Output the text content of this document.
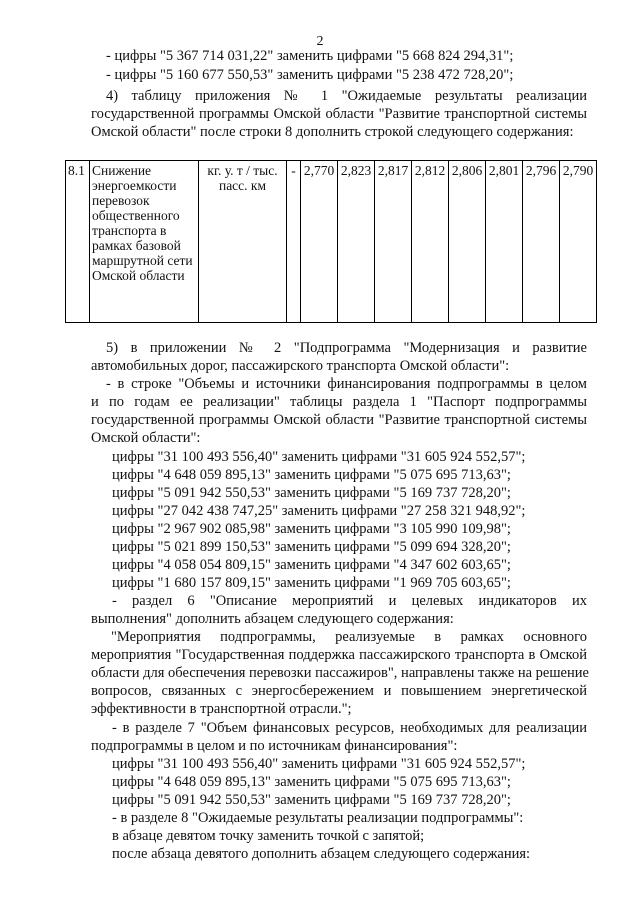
2
- цифры "5 367 714 031,22" заменить цифрами "5 668 824 294,31";
- цифры "5 160 677 550,53" заменить цифрами "5 238 472 728,20";
4) таблицу приложения № 1 "Ожидаемые результаты реализации
государственной программы Омской области "Развитие транспортной системы
Омской области" после строки 8 дополнить строкой следующего содержания:
8.1	Снижение энергоемкости перевозок общественного транспорта в рамках базовой маршрутной сети Омской области	кг. у. т / тыс. пасс. км	-	2,770	2,823	2,817	2,812	2,806	2,801	2,796	2,790
5) в приложении № 2 "Подпрограмма "Модернизация и развитие
автомобильных дорог, пассажирского транспорта Омской области":
- в строке "Объемы и источники финансирования подпрограммы в целом
и по годам ее реализации" таблицы раздела 1 "Паспорт подпрограммы
государственной программы Омской области "Развитие транспортной системы
Омской области":
цифры "31 100 493 556,40" заменить цифрами "31 605 924 552,57";
цифры "4 648 059 895,13" заменить цифрами "5 075 695 713,63";
цифры "5 091 942 550,53" заменить цифрами "5 169 737 728,20";
цифры "27 042 438 747,25" заменить цифрами "27 258 321 948,92";
цифры "2 967 902 085,98" заменить цифрами "3 105 990 109,98";
цифры "5 021 899 150,53" заменить цифрами "5 099 694 328,20";
цифры "4 058 054 809,15" заменить цифрами "4 347 602 603,65";
цифры "1 680 157 809,15" заменить цифрами "1 969 705 603,65";
- раздел 6 "Описание мероприятий и целевых индикаторов их
выполнения" дополнить абзацем следующего содержания:
"Мероприятия подпрограммы, реализуемые в рамках основного
мероприятия "Государственная поддержка пассажирского транспорта в Омской
области для обеспечения перевозки пассажиров", направлены также на решение
вопросов, связанных с энергосбережением и повышением энергетической
эффективности в транспортной отрасли.";
- в разделе 7 "Объем финансовых ресурсов, необходимых для реализации
подпрограммы в целом и по источникам финансирования":
цифры "31 100 493 556,40" заменить цифрами "31 605 924 552,57";
цифры "4 648 059 895,13" заменить цифрами "5 075 695 713,63";
цифры "5 091 942 550,53" заменить цифрами "5 169 737 728,20";
- в разделе 8 "Ожидаемые результаты реализации подпрограммы":
в абзаце девятом точку заменить точкой с запятой;
после абзаца девятого дополнить абзацем следующего содержания:
